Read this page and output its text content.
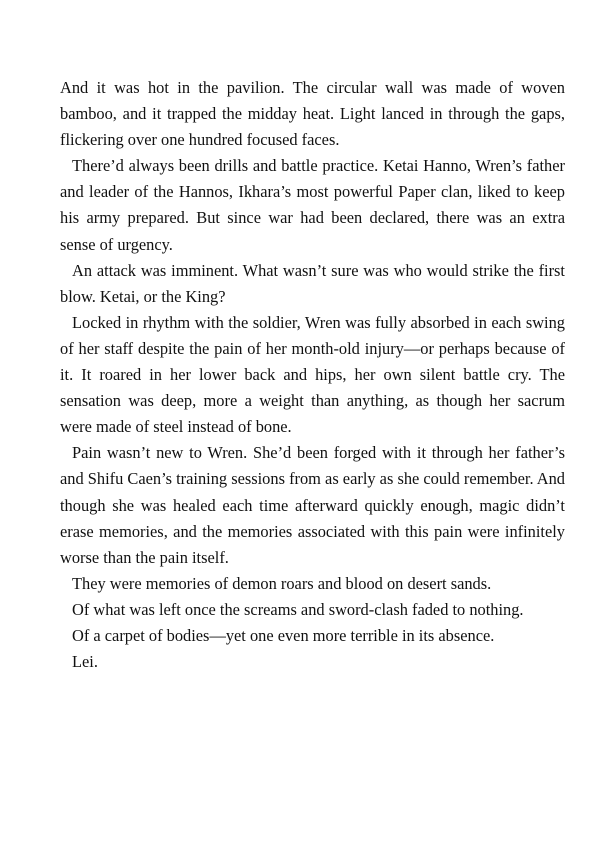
And it was hot in the pavilion. The circular wall was made of woven bamboo, and it trapped the midday heat. Light lanced in through the gaps, flickering over one hundred focused faces.

There’d always been drills and battle practice. Ketai Hanno, Wren’s father and leader of the Hannos, Ikhara’s most powerful Paper clan, liked to keep his army prepared. But since war had been declared, there was an extra sense of urgency.

An attack was imminent. What wasn’t sure was who would strike the first blow. Ketai, or the King?

Locked in rhythm with the soldier, Wren was fully absorbed in each swing of her staff despite the pain of her month-old injury—or perhaps because of it. It roared in her lower back and hips, her own silent battle cry. The sensation was deep, more a weight than anything, as though her sacrum were made of steel instead of bone.

Pain wasn’t new to Wren. She’d been forged with it through her father’s and Shifu Caen’s training sessions from as early as she could remember. And though she was healed each time afterward quickly enough, magic didn’t erase memories, and the memories associated with this pain were infinitely worse than the pain itself.

They were memories of demon roars and blood on desert sands.

Of what was left once the screams and sword-clash faded to nothing.

Of a carpet of bodies—yet one even more terrible in its absence.

Lei.
